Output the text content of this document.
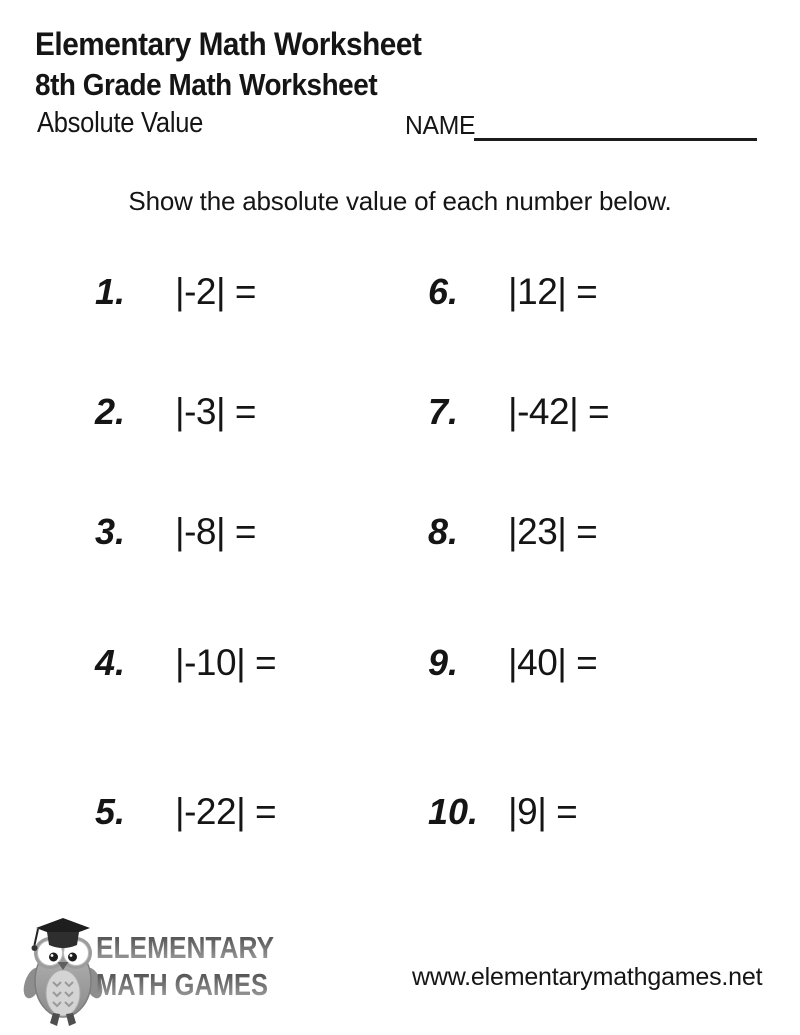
Elementary Math Worksheet
8th Grade Math Worksheet
Absolute Value	NAME
Show the absolute value of each number below.
1. |-2| =
2. |-3| =
3. |-8| =
4. |-10| =
5. |-22| =
6. |12| =
7. |-42| =
8. |23| =
9. |40| =
10. |9| =
ELEMENTARY
MATH GAMES	www.elementarymathgames.net
